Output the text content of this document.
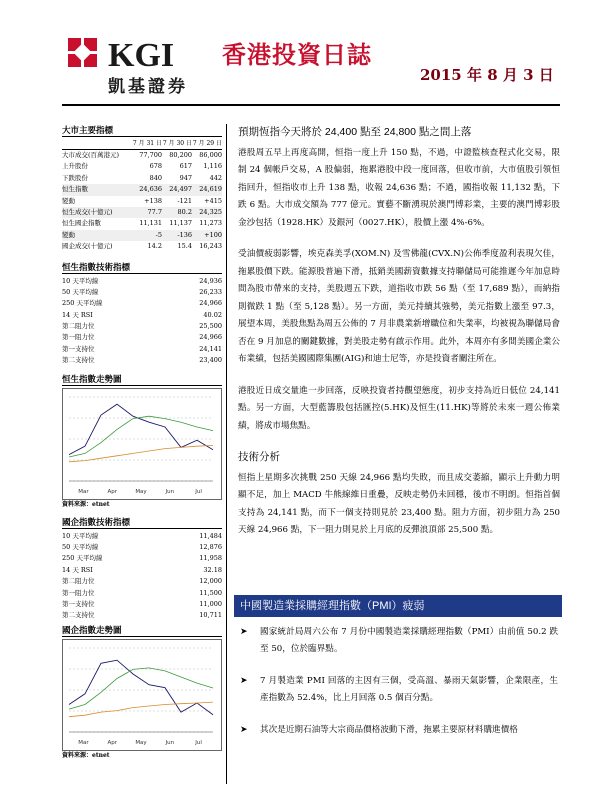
KGI
凱基證券
香港投資日誌
2015 年 8 月 3 日
大市主要指標
7 月 31 日 7 月 30 日 7 月 29 日
大市成交(百萬港元)	77,700	80,200	86,000
上升股份	678	617	1,116
下跌股份	840	947	442
恒生指數	24,636	24,497	24,619
變動	+138	-121	+415
恒生成交(十億元)	77.7	80.2	24,325
恒生國企指數	11,131	11,137	11,273
變動	-5	-136	+100
國企成交(十億元)	14.2	15.4	16,243
恒生指數技術指標
10 天平均線	24,936
50 天平均線	26,233
250 天平均線	24,966
14 天 RSI	40.02
第二阻力位	25,500
第一阻力位	24,966
第一支持位	24,141
第二支持位	23,400
恒生指數走勢圖
Mar	Apr	May	Jun	Jul
資料來源：etnet
國企指數技術指標
10 天平均線	11,484
50 天平均線	12,876
250 天平均線	11,958
14 天 RSI	32.18
第二阻力位	12,000
第一阻力位	11,500
第一支持位	11,000
第二支持位	10,711
國企指數走勢圖
Mar	Apr	May	Jun	Jul
資料來源：etnet
預期恆指今天將於 24,400 點至 24,800 點之間上落

港股周五早上再度高開，恒指一度上升 150 點，不過，中證監核查程式化交易，限制 24 個帳戶交易，A 股偏弱，拖累港股中段一度回落，但收市前，大市值股引領恒指回升，恒指收市上升 138 點，收報 24,636 點；不過，國指收報 11,132 點，下跌 6 點。大市成交額為 777 億元。實藝不斷湧現於澳門博彩業，主要的澳門博彩股金沙包括（1928.HK）及銀河（0027.HK），股價上漲 4%-6%。

受油價疲弱影響，埃克森美孚(XOM.N) 及雪佛龍(CVX.N)公佈季度盈利表現欠佳，拖累股價下跌。能源股普遍下滑，抵銷美國薪資數據支持聯儲局可能推遲今年加息時間為股市帶來的支持，美股週五下跌，道指收市跌 56 點（至 17,689 點），而納指則微跌 1 點（至 5,128 點）。另一方面，美元持續其強勢，美元指數上漲至 97.3，展望本周，美股焦點為周五公佈的 7 月非農業新增職位和失業率，均被視為聯儲局會否在 9 月加息的關鍵數據，對美股走勢有啟示作用。此外，本周亦有多間美國企業公布業績，包括美國國際集團(AIG)和迪士尼等，亦是投資者關注所在。

港股近日成交量進一步回落，反映投資者持觀望態度，初步支持為近日低位 24,141 點。另一方面，大型藍籌股包括匯控(5.HK)及恒生(11.HK)等將於未來一週公佈業績，將成市場焦點。

技術分析

恒指上星期多次挑戰 250 天線 24,966 點均失敗，而且成交萎縮，顯示上升動力明顯不足，加上 MACD 牛熊線維日重疊，反映走勢仍未回穩，後市不明朗。恒指首個支持為 24,141 點，而下一個支持則見於 23,400 點。阻力方面，初步阻力為 250 天線 24,966 點，下一阻力則見於上月底的反彈浪頂部 25,500 點。

中國製造業採購經理指數（PMI）疲弱
➤	國家統計局周六公布 7 月份中國製造業採購經理指數（PMI）由前值 50.2 跌至 50，位於臨界點。
➤	7 月製造業 PMI 回落的主因有三個，受高溫、暴雨天氣影響，企業限產，生產指數為 52.4%，比上月回落 0.5 個百分點。
➤	其次是近期石油等大宗商品價格波動下滑，拖累主要原材料購進價格
